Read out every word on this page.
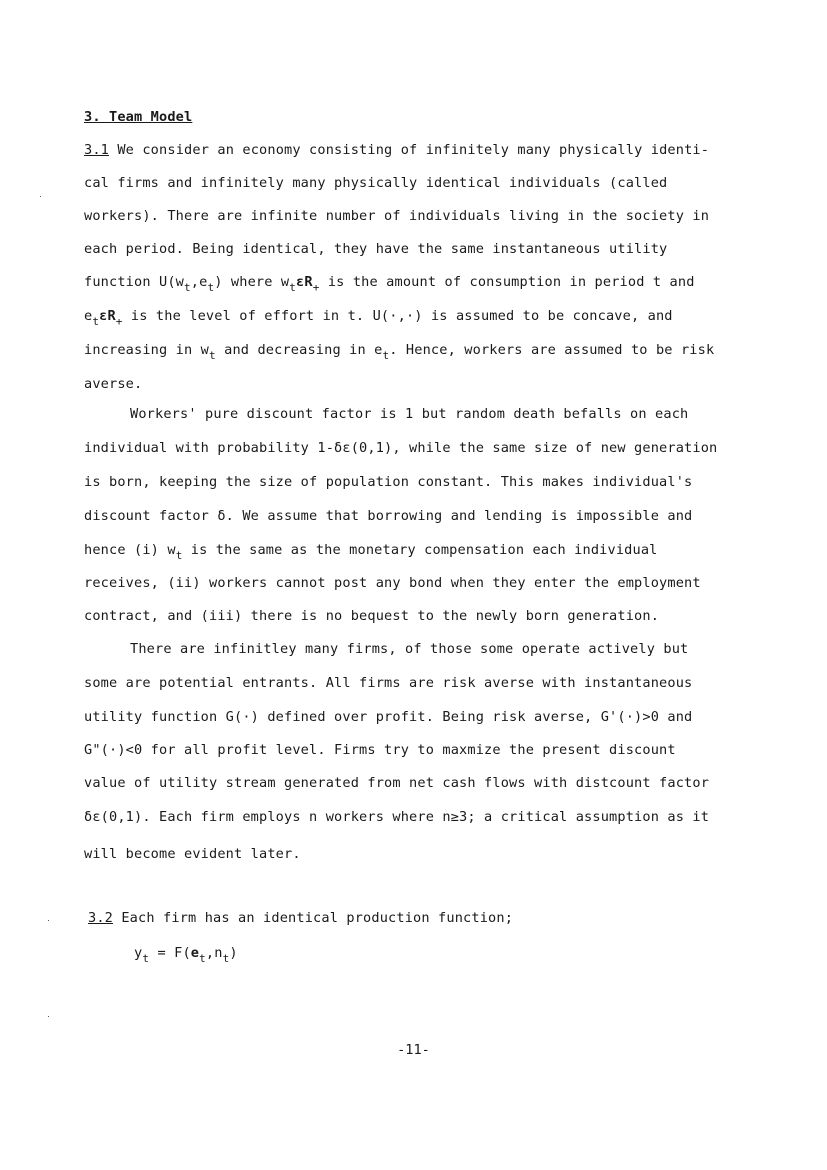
3. Team Model
3.1 We consider an economy consisting of infinitely many physically identi-
cal firms and infinitely many physically identical individuals (called
workers). There are infinite number of individuals living in the society in
each period. Being identical, they have the same instantaneous utility
function $U(w_t,e_t)$ where $w_t\varepsilon R_+$ is the amount of consumption in period t and
$e_t\varepsilon R_+$ is the level of effort in t. U(·,·) is assumed to be concave, and
increasing in $w_t$ and decreasing in $e_t$. Hence, workers are assumed to be risk
averse.
Workers' pure discount factor is 1 but random death befalls on each
individual with probability 1-δε(0,1), while the same size of new generation
is born, keeping the size of population constant. This makes individual's
discount factor δ. We assume that borrowing and lending is impossible and
hence (i) $w_t$ is the same as the monetary compensation each individual
receives, (ii) workers cannot post any bond when they enter the employment
contract, and (iii) there is no bequest to the newly born generation.
There are infinitley many firms, of those some operate actively but
some are potential entrants. All firms are risk averse with instantaneous
utility function G(·) defined over profit. Being risk averse, G'(·)>0 and
G"(·)<0 for all profit level. Firms try to maxmize the present discount
value of utility stream generated from net cash flows with distcount factor
δε(0,1). Each firm employs n workers where n≥3; a critical assumption as it
will become evident later.
3.2 Each firm has an identical production function;
$y_t = F(e_t,n_t)$
-11-
